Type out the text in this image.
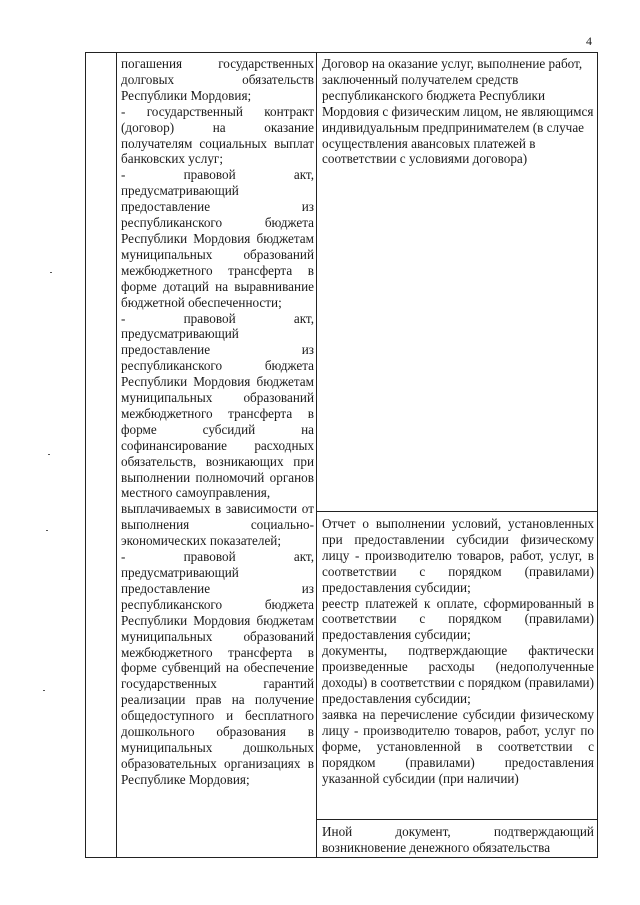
4

погашения государственных долговых обязательств Республики Мордовия;

- государственный контракт (договор) на оказание получателям социальных выплат банковских услуг;

- правовой акт, предусматривающий предоставление из республиканского бюджета Республики Мордовия бюджетам муниципальных образований межбюджетного трансферта в форме дотаций на выравнивание бюджетной обеспеченности;

- правовой акт, предусматривающий предоставление из республиканского бюджета Республики Мордовия бюджетам муниципальных образований межбюджетного трансферта в форме субсидий на софинансирование расходных обязательств, возникающих при выполнении полномочий органов местного самоуправления,

выплачиваемых в зависимости от выполнения социально-экономических показателей;

- правовой акт, предусматривающий предоставление из республиканского бюджета Республики Мордовия бюджетам муниципальных образований межбюджетного трансферта в форме субвенций на обеспечение государственных гарантий реализации прав на получение общедоступного и бесплатного дошкольного образования в муниципальных дошкольных образовательных организациях в Республике Мордовия;

Договор на оказание услуг, выполнение работ, заключенный получателем средств республиканского бюджета Республики Мордовия с физическим лицом, не являющимся индивидуальным предпринимателем (в случае осуществления авансовых платежей в соответствии с условиями договора)

Отчет о выполнении условий, установленных при предоставлении субсидии физическому лицу - производителю товаров, работ, услуг, в соответствии с порядком (правилами) предоставления субсидии;

реестр платежей к оплате, сформированный в соответствии с порядком (правилами) предоставления субсидии;

документы, подтверждающие фактически произведенные расходы (недополученные доходы) в соответствии с порядком (правилами) предоставления субсидии;

заявка на перечисление субсидии физическому лицу - производителю товаров, работ, услуг по форме, установленной в соответствии с порядком (правилами) предоставления указанной субсидии (при наличии)

Иной документ, подтверждающий возникновение денежного обязательства
